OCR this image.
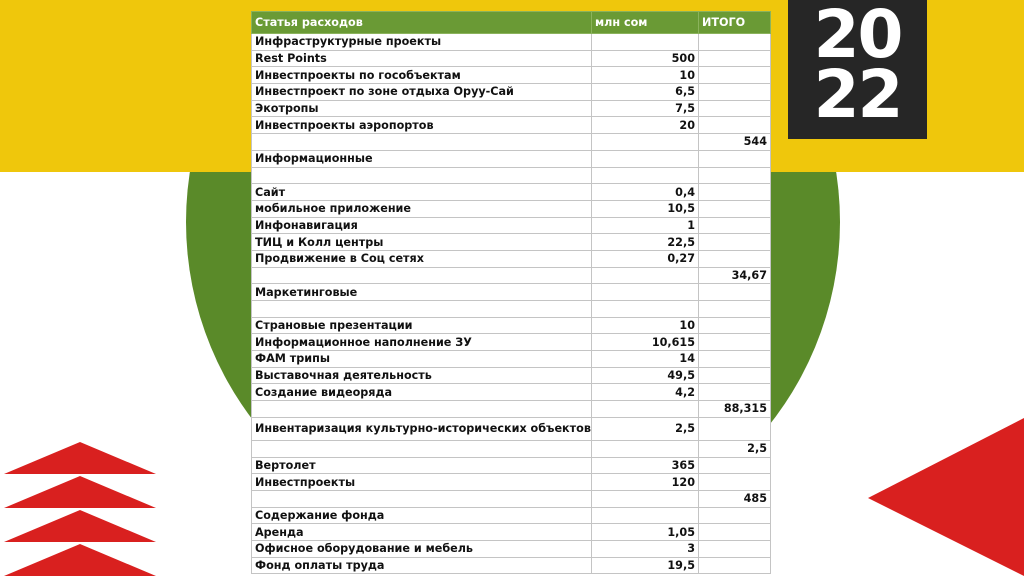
20
22
Статья расходов	млн сом	ИТОГО
Инфраструктурные проекты		
Rest Points	500	
Инвестпроекты по гособъектам	10	
Инвестпроект по зоне отдыха Оруу-Сай	6,5	
Экотропы	7,5	
Инвестпроекты аэропортов	20	
		544
Информационные		

Сайт	0,4	
мобильное приложение	10,5	
Инфонавигация	1	
ТИЦ и Колл центры	22,5	
Продвижение в Соц сетях	0,27	
		34,67
Маркетинговые		

Страновые презентации	10	
Информационное наполнение ЗУ	10,615	
ФАМ трипы	14	
Выставочная деятельность	49,5	
Создание видеоряда	4,2	
		88,315
Инвентаризация культурно-исторических объектов	2,5	
		2,5
Вертолет	365	
Инвестпроекты	120	
		485
Содержание фонда		
Аренда	1,05	
Офисное оборудование и мебель	3	
Фонд оплаты труда	19,5	
